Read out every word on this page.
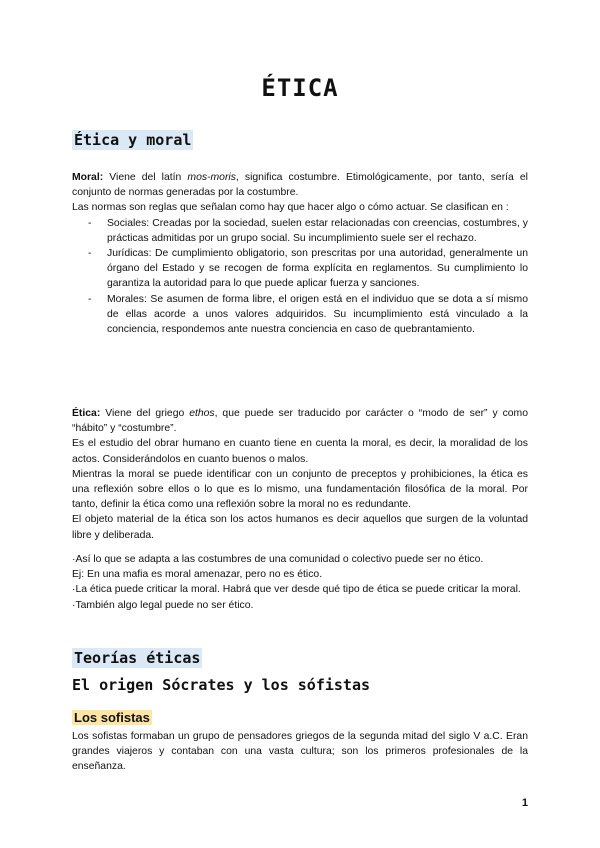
ÉTICA
Ética y moral

Moral: Viene del latín mos-moris, significa costumbre. Etimológicamente, por tanto, sería el conjunto de normas generadas por la costumbre.

Las normas son reglas que señalan como hay que hacer algo o cómo actuar. Se clasifican en :

- Sociales: Creadas por la sociedad, suelen estar relacionadas con creencias, costumbres, y prácticas admitidas por un grupo social. Su incumplimiento suele ser el rechazo.
- Jurídicas: De cumplimiento obligatorio, son prescritas por una autoridad, generalmente un órgano del Estado y se recogen de forma explícita en reglamentos. Su cumplimiento lo garantiza la autoridad para lo que puede aplicar fuerza y sanciones.
- Morales: Se asumen de forma libre, el origen está en el individuo que se dota a sí mismo de ellas acorde a unos valores adquiridos. Su incumplimiento está vinculado a la conciencia, respondemos ante nuestra conciencia en caso de quebrantamiento.

Ética: Viene del griego ethos, que puede ser traducido por carácter o “modo de ser” y como “hábito” y “costumbre”.

Es el estudio del obrar humano en cuanto tiene en cuenta la moral, es decir, la moralidad de los actos. Considerándolos en cuanto buenos o malos.

Mientras la moral se puede identificar con un conjunto de preceptos y prohibiciones, la ética es una reflexión sobre ellos o lo que es lo mismo, una fundamentación filosófica de la moral. Por tanto, definir la ética como una reflexión sobre la moral no es redundante.

El objeto material de la ética son los actos humanos es decir aquellos que surgen de la voluntad libre y deliberada.

·Así lo que se adapta a las costumbres de una comunidad o colectivo puede ser no ético.

Ej: En una mafia es moral amenazar, pero no es ético.

·La ética puede criticar la moral. Habrá que ver desde qué tipo de ética se puede criticar la moral.

·También algo legal puede no ser ético.

Teorías éticas
El origen Sócrates y los sófistas
Los sofistas

Los sofistas formaban un grupo de pensadores griegos de la segunda mitad del siglo V a.C. Eran grandes viajeros y contaban con una vasta cultura; son los primeros profesionales de la enseñanza.

1
